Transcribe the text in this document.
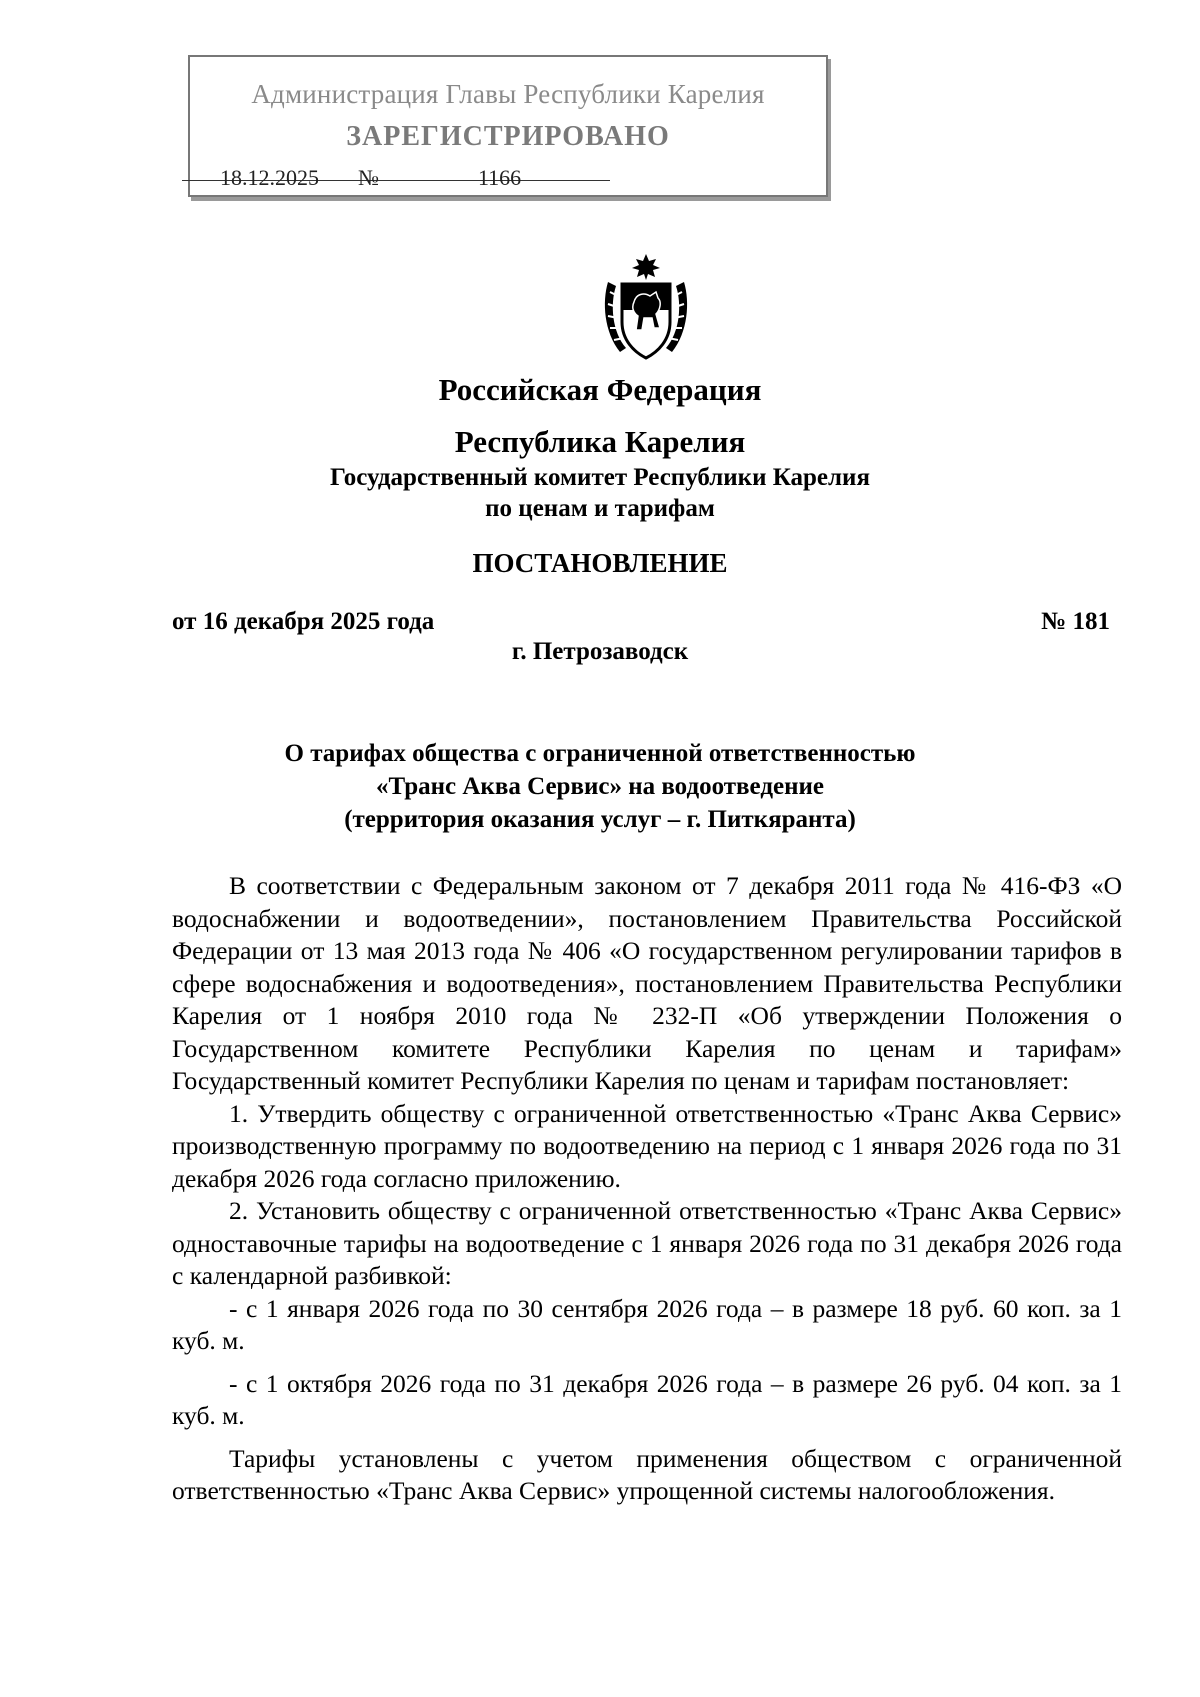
Администрация Главы Республики Карелия
ЗАРЕГИСТРИРОВАНО
18.12.2025 №	1166
Российская Федерация
Республика Карелия
Государственный комитет Республики Карелия
по ценам и тарифам
ПОСТАНОВЛЕНИЕ
от 16 декабря 2025 года	№ 181
г. Петрозаводск
О тарифах общества с ограниченной ответственностью
«Транс Аква Сервис» на водоотведение
(территория оказания услуг – г. Питкяранта)

В соответствии с Федеральным законом от 7 декабря 2011 года № 416-ФЗ «О водоснабжении и водоотведении», постановлением Правительства Российской Федерации от 13 мая 2013 года № 406 «О государственном регулировании тарифов в сфере водоснабжения и водоотведения», постановлением Правительства Республики Карелия от 1 ноября 2010 года № 232-П «Об утверждении Положения о Государственном комитете Республики Карелия по ценам и тарифам» Государственный комитет Республики Карелия по ценам и тарифам постановляет:

1. Утвердить обществу с ограниченной ответственностью «Транс Аква Сервис» производственную программу по водоотведению на период с 1 января 2026 года по 31 декабря 2026 года согласно приложению.

2. Установить обществу с ограниченной ответственностью «Транс Аква Сервис» одноставочные тарифы на водоотведение с 1 января 2026 года по 31 декабря 2026 года с календарной разбивкой:

- с 1 января 2026 года по 30 сентября 2026 года – в размере 18 руб. 60 коп. за 1 куб. м.

- с 1 октября 2026 года по 31 декабря 2026 года – в размере 26 руб. 04 коп. за 1 куб. м.

Тарифы установлены с учетом применения обществом с ограниченной ответственностью «Транс Аква Сервис» упрощенной системы налогообложения.
